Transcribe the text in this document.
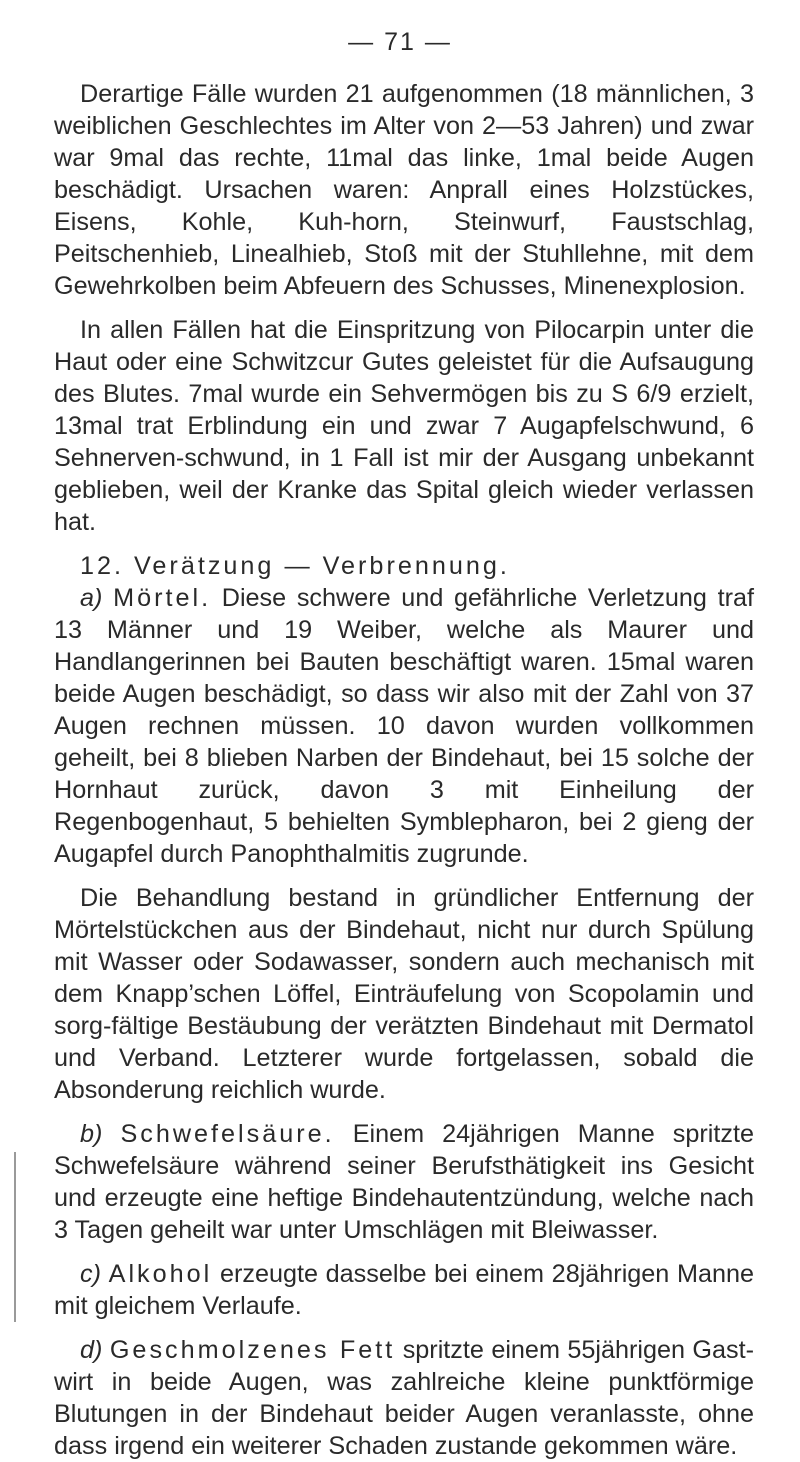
— 71 —

Derartige Fälle wurden 21 aufgenommen (18 männlichen, 3 weiblichen Geschlechtes im Alter von 2—53 Jahren) und zwar war 9mal das rechte, 11mal das linke, 1mal beide Augen beschädigt. Ursachen waren: Anprall eines Holzstückes, Eisens, Kohle, Kuh-horn, Steinwurf, Faustschlag, Peitschenhieb, Linealhieb, Stoß mit der Stuhllehne, mit dem Gewehrkolben beim Abfeuern des Schusses, Minenexplosion.

In allen Fällen hat die Einspritzung von Pilocarpin unter die Haut oder eine Schwitzcur Gutes geleistet für die Aufsaugung des Blutes. 7mal wurde ein Sehvermögen bis zu S 6/9 erzielt, 13mal trat Erblindung ein und zwar 7 Augapfelschwund, 6 Sehnerven-schwund, in 1 Fall ist mir der Ausgang unbekannt geblieben, weil der Kranke das Spital gleich wieder verlassen hat.

12. Verätzung — Verbrennung.

a) Mörtel. Diese schwere und gefährliche Verletzung traf 13 Männer und 19 Weiber, welche als Maurer und Handlangerinnen bei Bauten beschäftigt waren. 15mal waren beide Augen beschädigt, so dass wir also mit der Zahl von 37 Augen rechnen müssen. 10 davon wurden vollkommen geheilt, bei 8 blieben Narben der Bindehaut, bei 15 solche der Hornhaut zurück, davon 3 mit Einheilung der Regenbogenhaut, 5 behielten Symblepharon, bei 2 gieng der Augapfel durch Panophthalmitis zugrunde.

Die Behandlung bestand in gründlicher Entfernung der Mörtelstückchen aus der Bindehaut, nicht nur durch Spülung mit Wasser oder Sodawasser, sondern auch mechanisch mit dem Knapp’schen Löffel, Einträufelung von Scopolamin und sorg-fältige Bestäubung der verätzten Bindehaut mit Dermatol und Verband. Letzterer wurde fortgelassen, sobald die Absonderung reichlich wurde.

b) Schwefelsäure. Einem 24jährigen Manne spritzte Schwefelsäure während seiner Berufsthätigkeit ins Gesicht und erzeugte eine heftige Bindehautentzündung, welche nach 3 Tagen geheilt war unter Umschlägen mit Bleiwasser.

c) Alkohol erzeugte dasselbe bei einem 28jährigen Manne mit gleichem Verlaufe.

d) Geschmolzenes Fett spritzte einem 55jährigen Gast-wirt in beide Augen, was zahlreiche kleine punktförmige Blutungen in der Bindehaut beider Augen veranlasste, ohne dass irgend ein weiterer Schaden zustande gekommen wäre.
